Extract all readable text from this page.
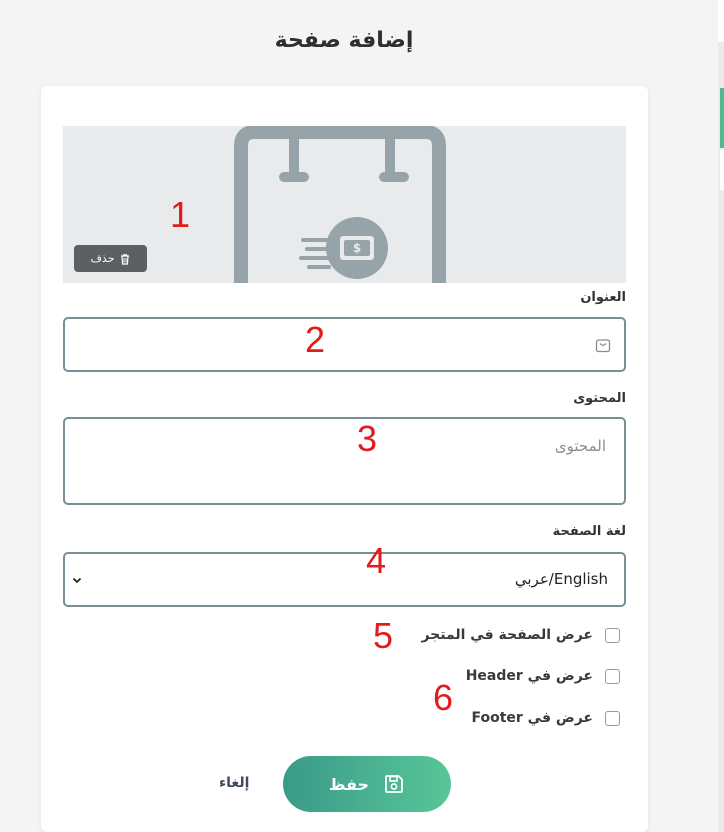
إضافة صفحة
$
حذف
العنوان
المحتوى
المحتوى
لغة الصفحة
عربي/English
عرض الصفحة في المتجر
عرض في Header
عرض في Footer
حفظ
إلغاء
1
2
3
4
5
6
